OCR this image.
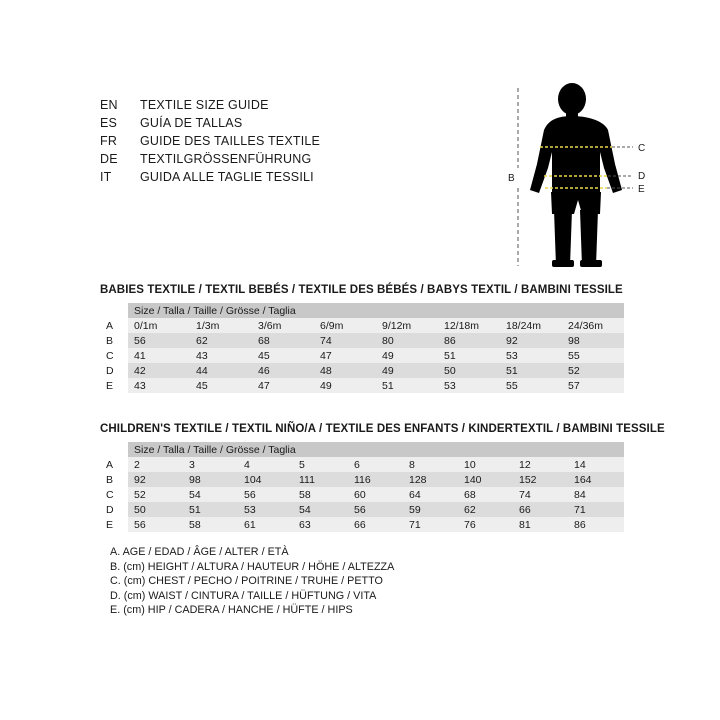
EN	TEXTILE SIZE GUIDE
ES	GUÍA DE TALLAS
FR	GUIDE DES TAILLES TEXTILE
DE	TEXTILGRÖSSENFÜHRUNG
IT	GUIDA ALLE TAGLIE TESSILI	B
C
D
E
BABIES TEXTILE / TEXTIL BEBÉS / TEXTILE DES BÉBÉS / BABYS TEXTIL / BAMBINI TESSILE
	Size / Talla / Taille / Grösse / Taglia							
A	0/1m	1/3m	3/6m	6/9m	9/12m	12/18m	18/24m	24/36m
B	56	62	68	74	80	86	92	98
C	41	43	45	47	49	51	53	55
D	42	44	46	48	49	50	51	52
E	43	45	47	49	51	53	55	57
CHILDREN'S TEXTILE / TEXTIL NIÑO/A / TEXTILE DES ENFANTS / KINDERTEXTIL / BAMBINI TESSILE
	Size / Talla / Taille / Grösse / Taglia								
A	2	3	4	5	6	8	10	12	14
B	92	98	104	111	116	128	140	152	164
C	52	54	56	58	60	64	68	74	84
D	50	51	53	54	56	59	62	66	71
E	56	58	61	63	66	71	76	81	86
A. AGE / EDAD / ÂGE / ALTER / ETÀ
B. (cm) HEIGHT / ALTURA / HAUTEUR / HÖHE / ALTEZZA
C. (cm) CHEST / PECHO / POITRINE / TRUHE / PETTO
D. (cm) WAIST / CINTURA / TAILLE / HÜFTUNG / VITA
E. (cm) HIP / CADERA / HANCHE / HÜFTE / HIPS
